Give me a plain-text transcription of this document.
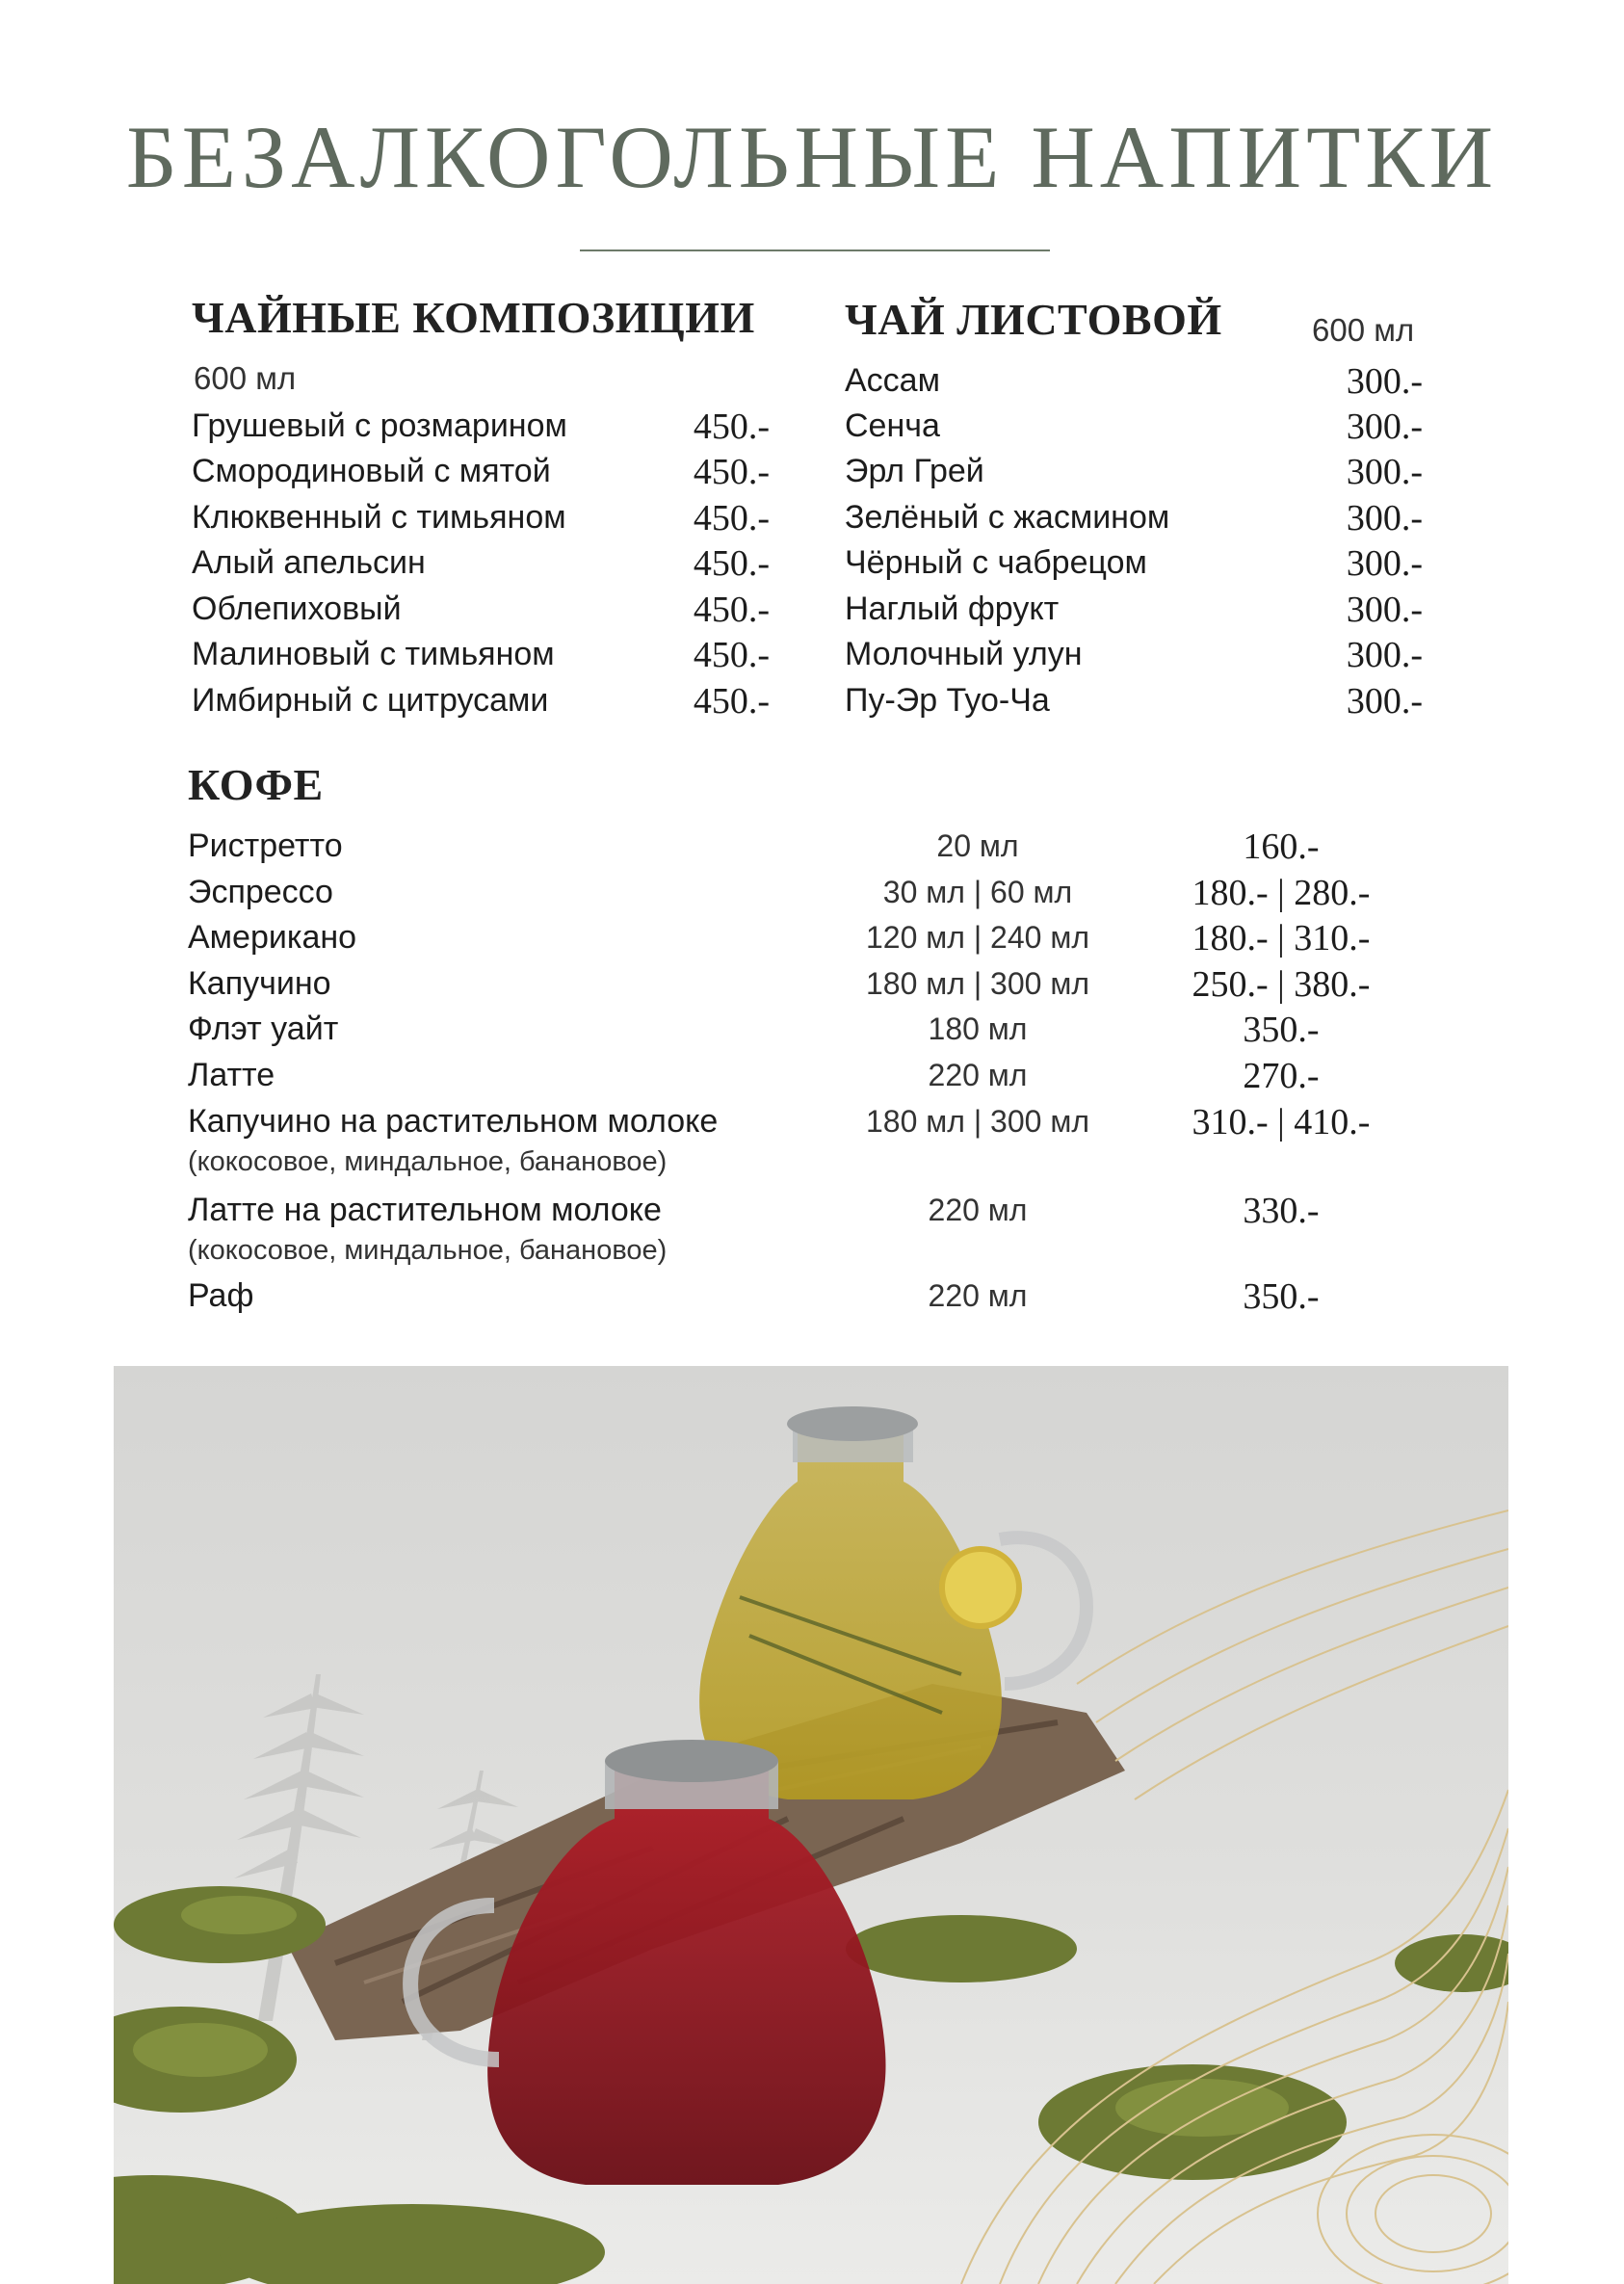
БЕЗАЛКОГОЛЬНЫЕ НАПИТКИ
ЧАЙНЫЕ КОМПОЗИЦИИ
600 мл
Грушевый с розмарином	450.-
Смородиновый с мятой	450.-
Клюквенный с тимьяном	450.-
Алый апельсин	450.-
Облепиховый	450.-
Малиновый с тимьяном	450.-
Имбирный с цитрусами	450.-
ЧАЙ ЛИСТОВОЙ	600 мл
Ассам	300.-
Сенча	300.-
Эрл Грей	300.-
Зелёный с жасмином	300.-
Чёрный с чабрецом	300.-
Наглый фрукт	300.-
Молочный улун	300.-
Пу-Эр Туо-Ча	300.-
КОФЕ
Ристретто	20 мл	160.-
Эспрессо	30 мл | 60 мл	180.- | 280.-
Американо	120 мл | 240 мл	180.- | 310.-
Капучино	180 мл | 300 мл	250.- | 380.-
Флэт уайт	180 мл	350.-
Латте	220 мл	270.-
Капучино на растительном молоке	180 мл | 300 мл	310.- | 410.-
(кокосовое, миндальное, банановое)
Латте на растительном молоке	220 мл	330.-
(кокосовое, миндальное, банановое)
Раф	220 мл	350.-
